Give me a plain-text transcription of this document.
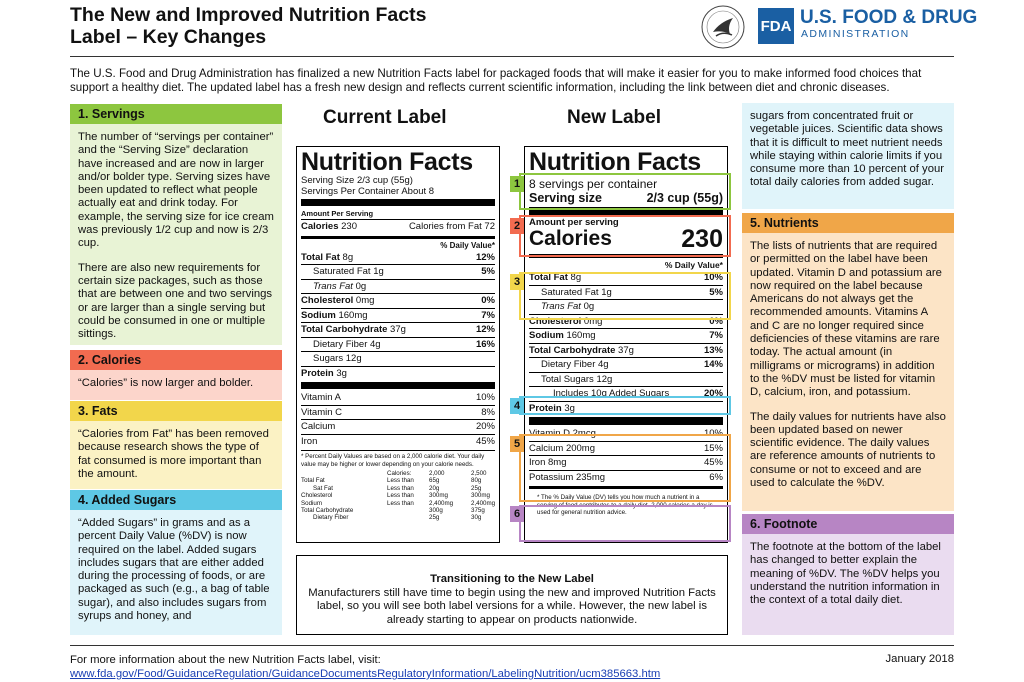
The New and Improved Nutrition Facts
Label – Key Changes	FDA U.S. FOOD & DRUG
ADMINISTRATION

The U.S. Food and Drug Administration has finalized a new Nutrition Facts label for packaged foods that will make it easier for you to make informed food choices that support a healthy diet. The updated label has a fresh new design and reflects current scientific information, including the link between diet and chronic diseases.

1. Servings

The number of “servings per container” and the “Serving Size” declaration have increased and are now in larger and/or bolder type. Serving sizes have been updated to reflect what people actually eat and drink today. For example, the serving size for ice cream was previously 1/2 cup and now is 2/3 cup.

There are also new requirements for certain size packages, such as those that are between one and two servings or are larger than a single serving but could be consumed in one or multiple sittings.

2. Calories

“Calories” is now larger and bolder.

3. Fats

“Calories from Fat” has been removed because research shows the type of fat consumed is more important than the amount.

4. Added Sugars

“Added Sugars” in grams and as a percent Daily Value (%DV) is now required on the label. Added sugars includes sugars that are either added during the processing of foods, or are packaged as such (e.g., a bag of table sugar), and also includes sugars from syrups and honey, and

sugars from concentrated fruit or vegetable juices. Scientific data shows that it is difficult to meet nutrient needs while staying within calorie limits if you consume more than 10 percent of your total daily calories from added sugar.

5. Nutrients

The lists of nutrients that are required or permitted on the label have been updated. Vitamin D and potassium are now required on the label because Americans do not always get the recommended amounts. Vitamins A and C are no longer required since deficiencies of these vitamins are rare today. The actual amount (in milligrams or micrograms) in addition to the %DV must be listed for vitamin D, calcium, iron, and potassium.

The daily values for nutrients have also been updated based on newer scientific evidence. The daily values are reference amounts of nutrients to consume or not to exceed and are used to calculate the %DV.

6. Footnote

The footnote at the bottom of the label has changed to better explain the meaning of %DV. The %DV helps you understand the nutrition information in the context of a total daily diet.

Current Label	New Label
Nutrition Facts
Serving Size 2/3 cup (55g)
Servings Per Container About 8
Amount Per Serving
Calories 230	Calories from Fat 72
% Daily Value*
Total Fat 8g	12%
Saturated Fat 1g	5%
Trans Fat 0g
Cholesterol 0mg	0%
Sodium 160mg	7%
Total Carbohydrate 37g	12%
Dietary Fiber 4g	16%
Sugars 12g
Protein 3g
Vitamin A	10%
Vitamin C	8%
Calcium	20%
Iron	45%
* Percent Daily Values are based on a 2,000 calorie diet. Your daily value may be higher or lower depending on your calorie needs.
Calories:	2,000	2,500
Total Fat	Less than	65g	80g
Sat Fat	Less than	20g	25g
Cholesterol	Less than	300mg	300mg
Sodium	Less than	2,400mg	2,400mg
Total Carbohydrate	300g	375g
Dietary Fiber	25g	30g
Nutrition Facts
8 servings per container
Serving size	2/3 cup (55g)
Amount per serving
Calories	230
% Daily Value*
Total Fat 8g	10%
Saturated Fat 1g	5%
Trans Fat 0g
Cholesterol 0mg	0%
Sodium 160mg	7%
Total Carbohydrate 37g	13%
Dietary Fiber 4g	14%
Total Sugars 12g
Includes 10g Added Sugars	20%
Protein 3g
Vitamin D 2mcg	10%
Calcium 200mg	15%
Iron 8mg	45%
Potassium 235mg	6%
* The % Daily Value (DV) tells you how much a nutrient in a serving of food contributes to a daily diet. 2,000 calories a day is used for general nutrition advice.
1
2
3
4
5
6
Transitioning to the New Label
Manufacturers still have time to begin using the new and improved Nutrition Facts label, so you will see both label versions for a while. However, the new label is already starting to appear on products nationwide.
For more information about the new Nutrition Facts label, visit:
www.fda.gov/Food/GuidanceRegulation/GuidanceDocumentsRegulatoryInformation/LabelingNutrition/ucm385663.htm
January 2018
